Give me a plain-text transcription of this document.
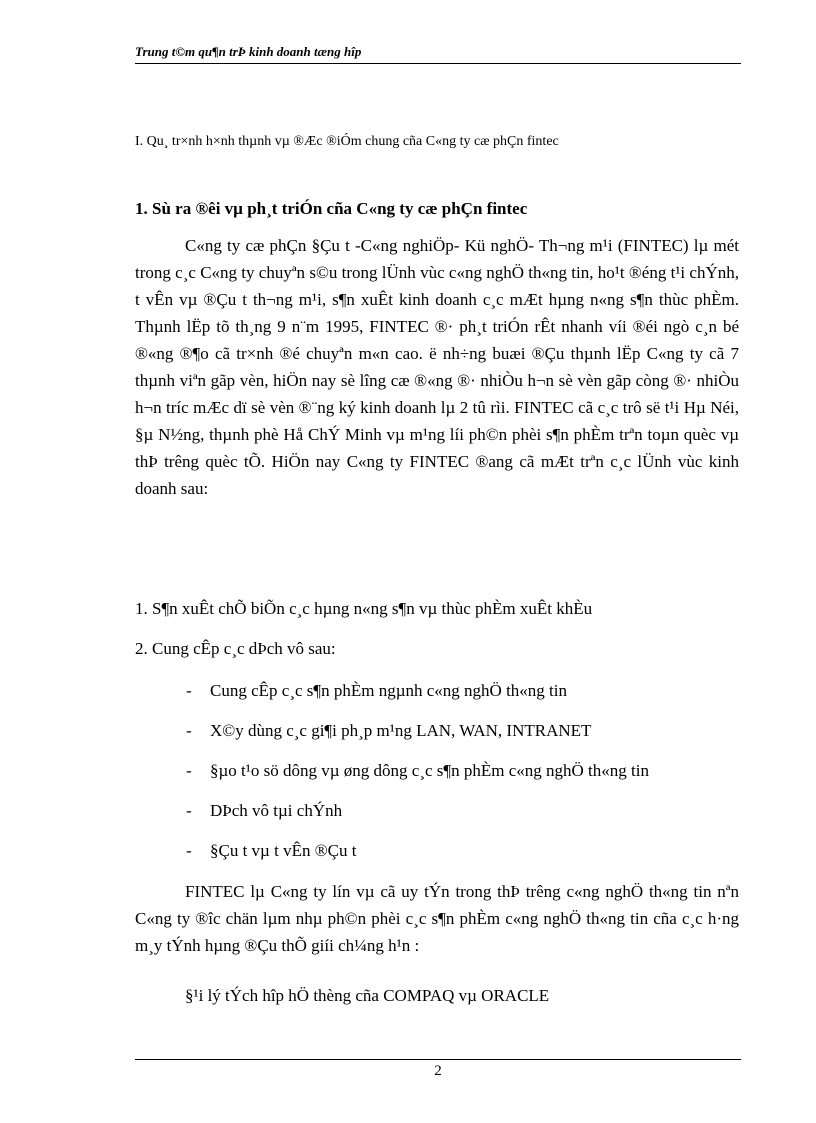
Trung t©m qu¶n trÞ kinh doanh tæng hîp
I. Qu¸ tr×nh h×nh thµnh vµ ®Æc ®iÓm chung cña C«ng ty cæ phÇn fintec
1. Sù ra ®êi vµ ph¸t triÓn cña C«ng ty cæ phÇn fintec
C«ng ty cæ phÇn §Çu t -C«ng nghiÖp- Kü nghÖ- Th¬ng m¹i (FINTEC) lµ mét trong c¸c C«ng ty chuyªn s©u trong lÜnh vùc c«ng nghÖ th«ng tin, ho¹t ®éng t¹i chÝnh, t vÊn vµ ®Çu t th¬ng m¹i, s¶n xuÊt kinh doanh c¸c mÆt hµng n«ng s¶n thùc phÈm. Thµnh lËp tõ th¸ng 9 n¨m 1995, FINTEC ®· ph¸t triÓn rÊt nhanh víi ®éi ngò c¸n bé ®«ng ®¶o cã tr×nh ®é chuyªn m«n cao. ë nh÷ng buæi ®Çu thµnh lËp C«ng ty cã 7 thµnh viªn gãp vèn, hiÖn nay sè lîng cæ ®«ng ®· nhiÒu h¬n sè vèn gãp còng ®· nhiÒu h¬n tríc mÆc dï sè vèn ®¨ng ký kinh doanh lµ 2 tû rìi. FINTEC cã c¸c trô së t¹i Hµ Néi, §µ N½ng, thµnh phè Hå ChÝ Minh vµ m¹ng líi ph©n phèi s¶n phÈm trªn toµn quèc vµ thÞ trêng quèc tÕ. HiÖn nay C«ng ty FINTEC ®ang cã mÆt trªn c¸c lÜnh vùc kinh doanh sau:
1. S¶n xuÊt chÕ biÕn c¸c hµng n«ng s¶n vµ thùc phÈm xuÊt khÈu
2. Cung cÊp c¸c dÞch vô sau:
- Cung cÊp c¸c s¶n phÈm ngµnh c«ng nghÖ th«ng tin
- X©y dùng c¸c gi¶i ph¸p m¹ng LAN, WAN, INTRANET
- §µo t¹o sö dông vµ øng dông c¸c s¶n phÈm c«ng nghÖ th«ng tin
- DÞch vô tµi chÝnh
- §Çu t vµ t vÊn ®Çu t
FINTEC lµ C«ng ty lín vµ cã uy tÝn trong thÞ trêng c«ng nghÖ th«ng tin nªn C«ng ty ®îc chän lµm nhµ ph©n phèi c¸c s¶n phÈm c«ng nghÖ th«ng tin cña c¸c h·ng m¸y tÝnh hµng ®Çu thÕ giíi ch¼ng h¹n :
§¹i lý tÝch hîp hÖ thèng cña COMPAQ vµ ORACLE
2
